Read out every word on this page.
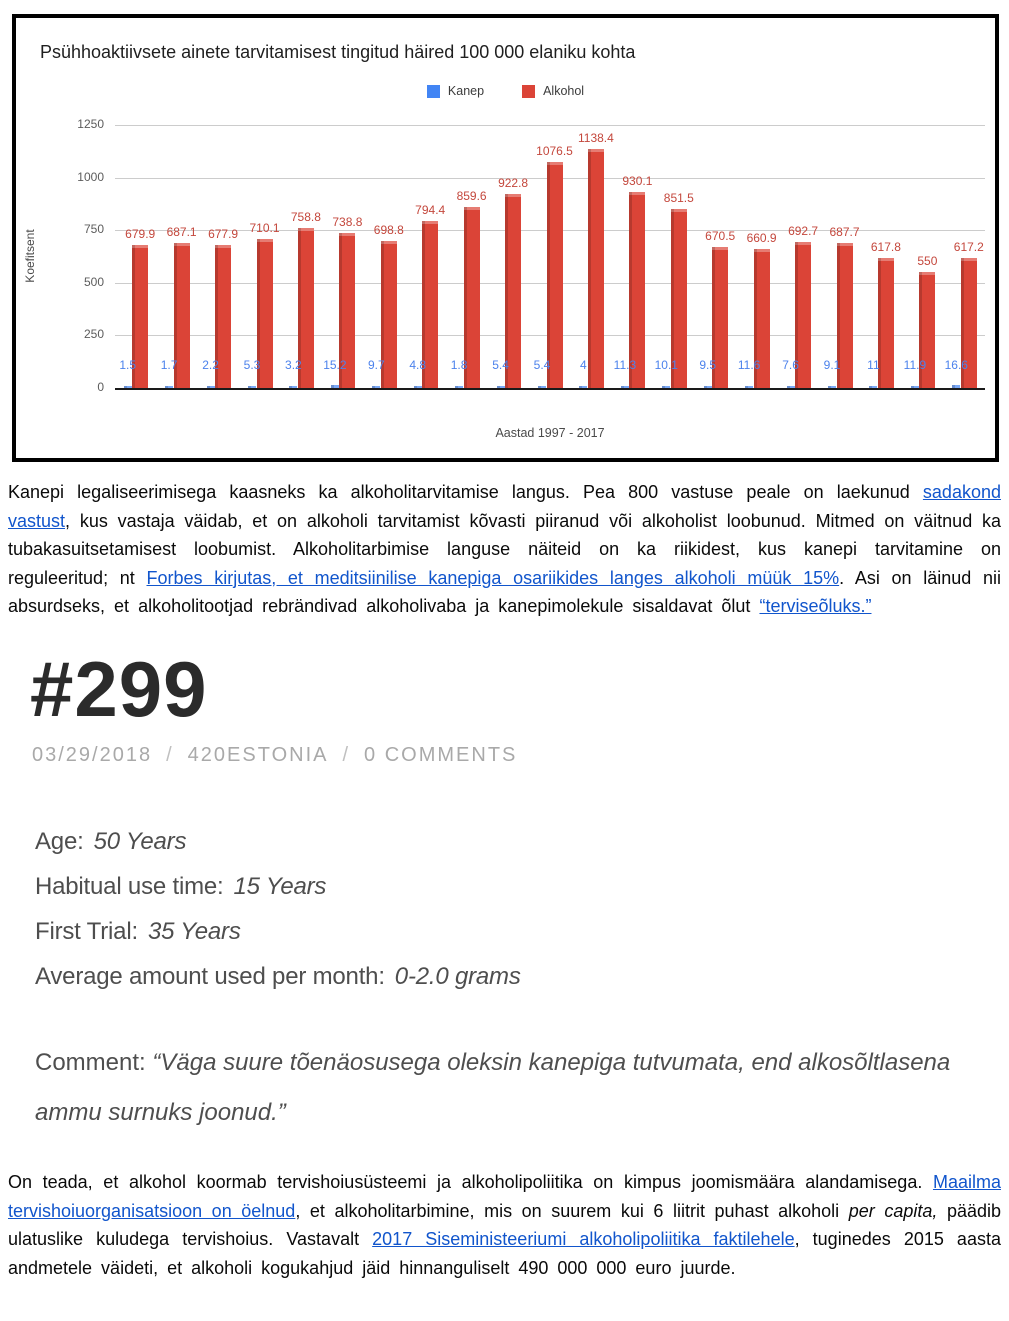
Psühhoaktiivsete ainete tarvitamisest tingitud häired 100 000 elaniku kohta
Kanep	Alkohol
679.9
1.5
687.1
1.7
677.9
2.2
710.1
5.3
758.8
3.2
738.8
15.2
698.8
9.7
794.4
4.8
859.6
1.8
922.8
5.4
1076.5
5.4
1138.4
4
930.1
11.3
851.5
10.1
670.5
9.5
660.9
11.6
692.7
7.6
687.7
9.1
617.8
11
550
11.9
617.2
16.6
Koefitsent
Aastad 1997 - 2017
0
250
500
750
1000
1250
Kanepi legaliseerimisega kaasneks ka alkoholitarvitamise langus. Pea 800 vastuse peale on laekunud sadakond vastust, kus vastaja väidab, et on alkoholi tarvitamist kõvasti piiranud või alkoholist loobunud. Mitmed on väitnud ka tubakasuitsetamisest loobumist. Alkoholitarbimise languse näiteid on ka riikidest, kus kanepi tarvitamine on reguleeritud; nt Forbes kirjutas, et meditsiinilise kanepiga osariikides langes alkoholi müük 15%. Asi on läinud nii absurdseks, et alkoholitootjad rebrändivad alkoholivaba ja kanepimolekule sisaldavat õlut “terviseõluks.”
#299
03/29/2018 / 420ESTONIA / 0 COMMENTS
Age: 50 Years
Habitual use time: 15 Years
First Trial: 35 Years
Average amount used per month: 0-2.0 grams
Comment: “Väga suure tõenäosusega oleksin kanepiga tutvumata, end alkosõltlasena ammu surnuks joonud.”
On teada, et alkohol koormab tervishoiusüsteemi ja alkoholipoliitika on kimpus joomismäära alandamisega. Maailma tervishoiuorganisatsioon on öelnud, et alkoholitarbimine, mis on suurem kui 6 liitrit puhast alkoholi per capita, päädib ulatuslike kuludega tervishoius. Vastavalt 2017 Siseministeeriumi alkoholipoliitika faktilehele, tuginedes 2015 aasta andmetele väideti, et alkoholi kogukahjud jäid hinnanguliselt 490 000 000 euro juurde.
